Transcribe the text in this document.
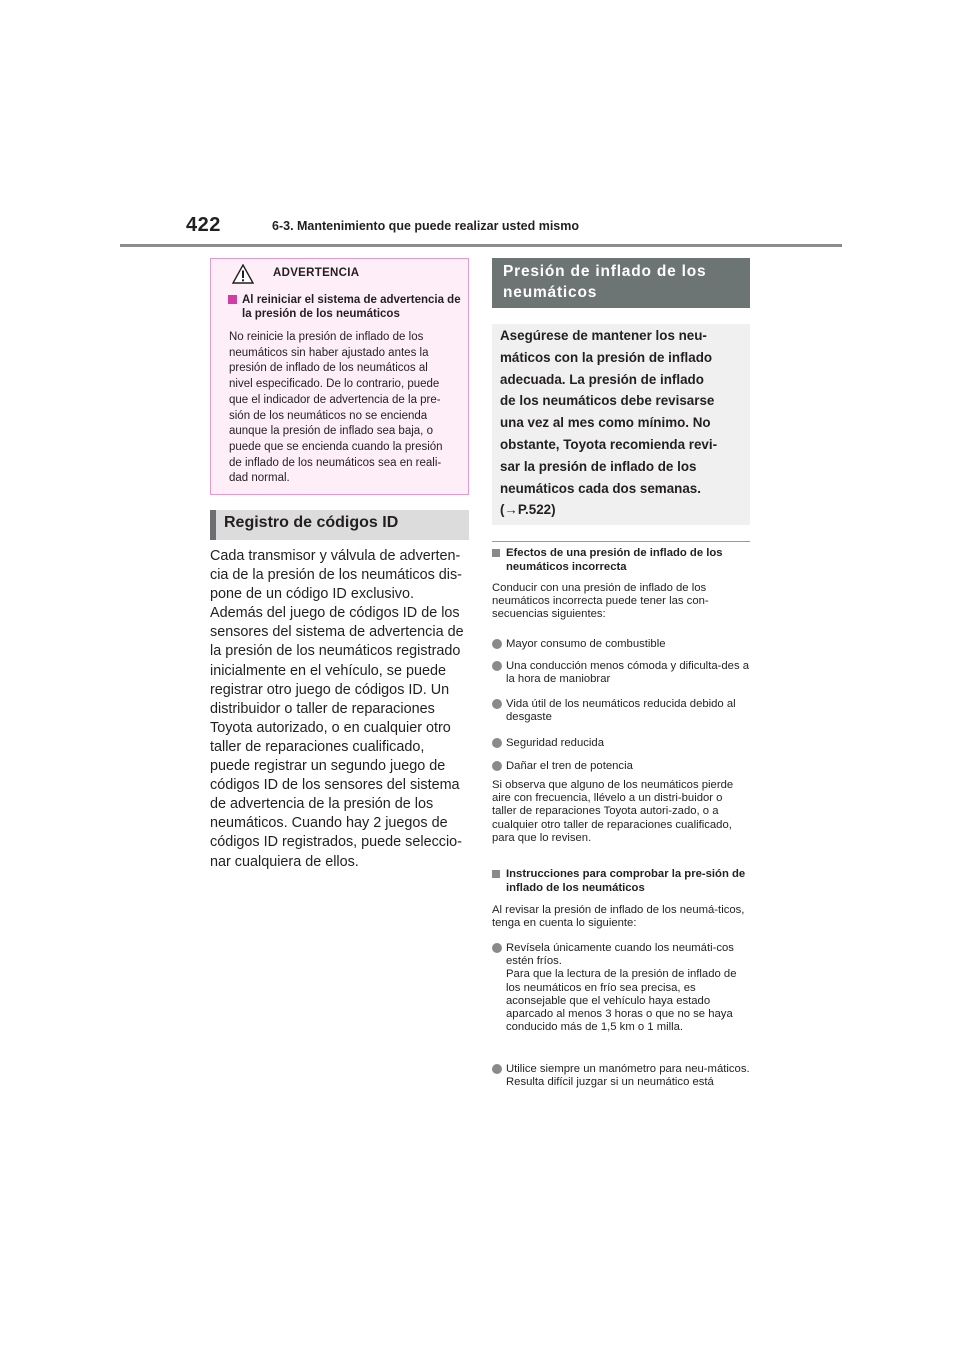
422	6-3. Mantenimiento que puede realizar usted mismo
ADVERTENCIA
Al reiniciar el sistema de advertencia de la presión de los neumáticos
No reinicie la presión de inflado de los
neumáticos sin haber ajustado antes la
presión de inflado de los neumáticos al
nivel especificado. De lo contrario, puede
que el indicador de advertencia de la pre-
sión de los neumáticos no se encienda
aunque la presión de inflado sea baja, o
puede que se encienda cuando la presión
de inflado de los neumáticos sea en reali-
dad normal.
Registro de códigos ID
Cada transmisor y válvula de adverten-
cia de la presión de los neumáticos dis-
pone de un código ID exclusivo.
Además del juego de códigos ID de los
sensores del sistema de advertencia de
la presión de los neumáticos registrado
inicialmente en el vehículo, se puede
registrar otro juego de códigos ID. Un
distribuidor o taller de reparaciones
Toyota autorizado, o en cualquier otro
taller de reparaciones cualificado,
puede registrar un segundo juego de
códigos ID de los sensores del sistema
de advertencia de la presión de los
neumáticos. Cuando hay 2 juegos de
códigos ID registrados, puede seleccio-
nar cualquiera de ellos.
Presión de inflado de los
neumáticos
Asegúrese de mantener los neu-
máticos con la presión de inflado
adecuada. La presión de inflado
de los neumáticos debe revisarse
una vez al mes como mínimo. No
obstante, Toyota recomienda revi-
sar la presión de inflado de los
neumáticos cada dos semanas.
(→P.522)
Efectos de una presión de inflado de los neumáticos incorrecta
Conducir con una presión de inflado de los neumáticos incorrecta puede tener las con-secuencias siguientes:
Mayor consumo de combustible
Una conducción menos cómoda y dificulta-des a la hora de maniobrar
Vida útil de los neumáticos reducida debido al desgaste
Seguridad reducida
Dañar el tren de potencia
Si observa que alguno de los neumáticos pierde aire con frecuencia, llévelo a un distri-buidor o taller de reparaciones Toyota autori-zado, o a cualquier otro taller de reparaciones cualificado, para que lo revisen.
Instrucciones para comprobar la pre-sión de inflado de los neumáticos
Al revisar la presión de inflado de los neumá-ticos, tenga en cuenta lo siguiente:
Revísela únicamente cuando los neumáti-cos estén fríos.
Para que la lectura de la presión de inflado de los neumáticos en frío sea precisa, es aconsejable que el vehículo haya estado aparcado al menos 3 horas o que no se haya conducido más de 1,5 km o 1 milla.
Utilice siempre un manómetro para neu-máticos.
Resulta difícil juzgar si un neumático está
